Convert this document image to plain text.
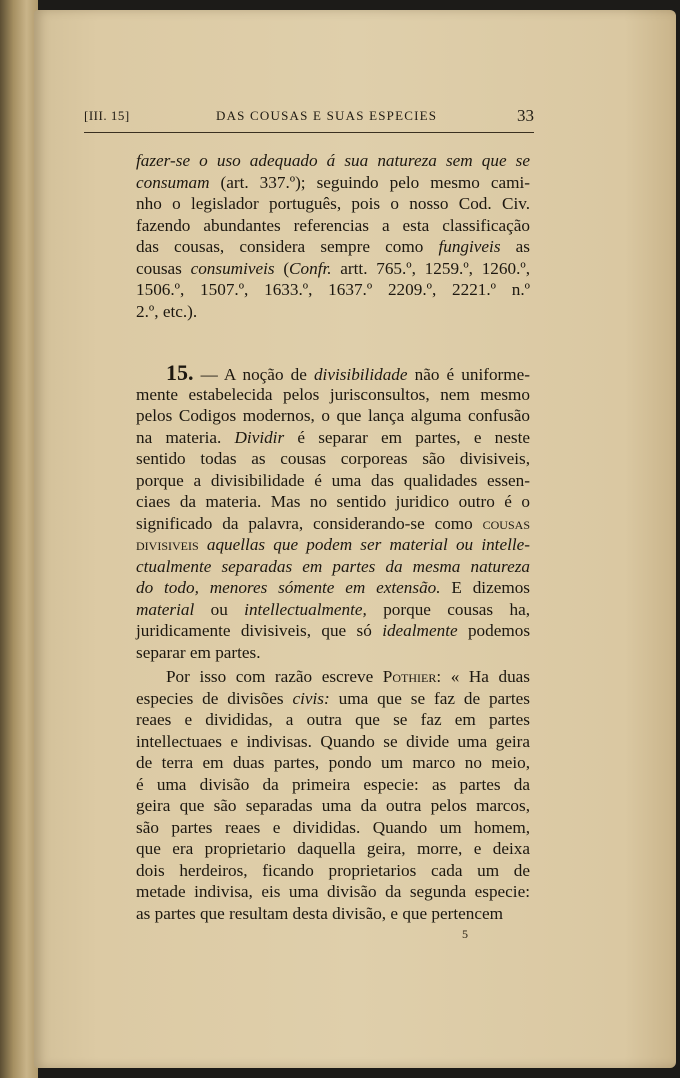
[III. 15]	DAS COUSAS E SUAS ESPECIES	33
fazer-se o uso adequado á sua natureza sem que se
consumam (art. 337.º); seguindo pelo mesmo cami-
nho o legislador português, pois o nosso Cod. Civ.
fazendo abundantes referencias a esta classificação
das cousas, considera sempre como fungiveis as
cousas consumiveis (Confr. artt. 765.º, 1259.º, 1260.º,
1506.º, 1507.º, 1633.º, 1637.º 2209.º, 2221.º n.º
2.º, etc.).
15. — A noção de divisibilidade não é uniforme-
mente estabelecida pelos jurisconsultos, nem mesmo
pelos Codigos modernos, o que lança alguma confusão
na materia. Dividir é separar em partes, e neste
sentido todas as cousas corporeas são divisiveis,
porque a divisibilidade é uma das qualidades essen-
ciaes da materia. Mas no sentido juridico outro é o
significado da palavra, considerando-se como cousas
divisiveis aquellas que podem ser material ou intelle-
ctualmente separadas em partes da mesma natureza
do todo, menores sómente em extensão. E dizemos
material ou intellectualmente, porque cousas ha,
juridicamente divisiveis, que só idealmente podemos
separar em partes.
Por isso com razão escreve Pothier: « Ha duas
especies de divisões civis: uma que se faz de partes
reaes e divididas, a outra que se faz em partes
intellectuaes e indivisas. Quando se divide uma geira
de terra em duas partes, pondo um marco no meio,
é uma divisão da primeira especie: as partes da
geira que são separadas uma da outra pelos marcos,
são partes reaes e divididas. Quando um homem,
que era proprietario daquella geira, morre, e deixa
dois herdeiros, ficando proprietarios cada um de
metade indivisa, eis uma divisão da segunda especie:
as partes que resultam desta divisão, e que pertencem
5
